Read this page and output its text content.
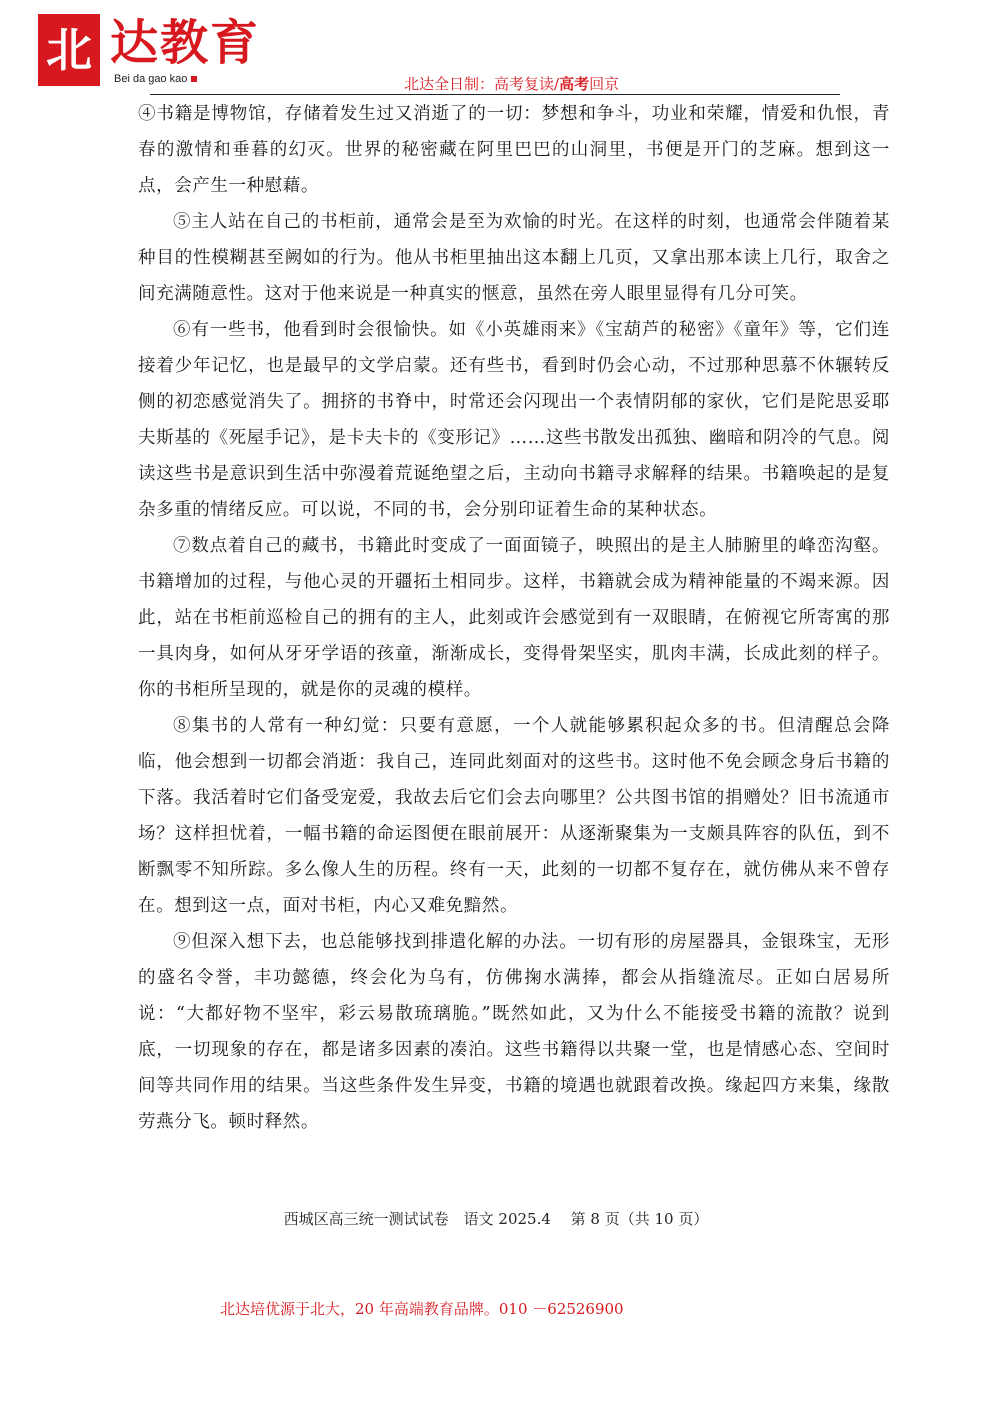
北 达教育
Bei da gao kao	北达全日制：高考复读/高考回京

④书籍是博物馆，存储着发生过又消逝了的一切：梦想和争斗，功业和荣耀，情爱和仇恨，青春的激情和垂暮的幻灭。世界的秘密藏在阿里巴巴的山洞里，书便是开门的芝麻。想到这一点，会产生一种慰藉。

⑤主人站在自己的书柜前，通常会是至为欢愉的时光。在这样的时刻，也通常会伴随着某种目的性模糊甚至阙如的行为。他从书柜里抽出这本翻上几页，又拿出那本读上几行，取舍之间充满随意性。这对于他来说是一种真实的惬意，虽然在旁人眼里显得有几分可笑。

⑥有一些书，他看到时会很愉快。如《小英雄雨来》《宝葫芦的秘密》《童年》等，它们连接着少年记忆，也是最早的文学启蒙。还有些书，看到时仍会心动，不过那种思慕不休辗转反侧的初恋感觉消失了。拥挤的书脊中，时常还会闪现出一个表情阴郁的家伙，它们是陀思妥耶夫斯基的《死屋手记》，是卡夫卡的《变形记》……这些书散发出孤独、幽暗和阴冷的气息。阅读这些书是意识到生活中弥漫着荒诞绝望之后，主动向书籍寻求解释的结果。书籍唤起的是复杂多重的情绪反应。可以说，不同的书，会分别印证着生命的某种状态。

⑦数点着自己的藏书，书籍此时变成了一面面镜子，映照出的是主人肺腑里的峰峦沟壑。书籍增加的过程，与他心灵的开疆拓土相同步。这样，书籍就会成为精神能量的不竭来源。因此，站在书柜前巡检自己的拥有的主人，此刻或许会感觉到有一双眼睛，在俯视它所寄寓的那一具肉身，如何从牙牙学语的孩童，渐渐成长，变得骨架坚实，肌肉丰满，长成此刻的样子。你的书柜所呈现的，就是你的灵魂的模样。

⑧集书的人常有一种幻觉：只要有意愿，一个人就能够累积起众多的书。但清醒总会降临，他会想到一切都会消逝：我自己，连同此刻面对的这些书。这时他不免会顾念身后书籍的下落。我活着时它们备受宠爱，我故去后它们会去向哪里？公共图书馆的捐赠处？旧书流通市场？这样担忧着，一幅书籍的命运图便在眼前展开：从逐渐聚集为一支颇具阵容的队伍，到不断飘零不知所踪。多么像人生的历程。终有一天，此刻的一切都不复存在，就仿佛从来不曾存在。想到这一点，面对书柜，内心又难免黯然。

⑨但深入想下去，也总能够找到排遣化解的办法。一切有形的房屋器具，金银珠宝，无形的盛名令誉，丰功懿德，终会化为乌有，仿佛掬水满捧，都会从指缝流尽。正如白居易所说：“大都好物不坚牢，彩云易散琉璃脆。”既然如此，又为什么不能接受书籍的流散？说到底，一切现象的存在，都是诸多因素的凑泊。这些书籍得以共聚一堂，也是情感心态、空间时间等共同作用的结果。当这些条件发生异变，书籍的境遇也就跟着改换。缘起四方来集，缘散劳燕分飞。顿时释然。

西城区高三统一测试试卷　语文 2025.4　 第 8 页（共 10 页）
北达培优源于北大，20 年高端教育品牌。010 －62526900
